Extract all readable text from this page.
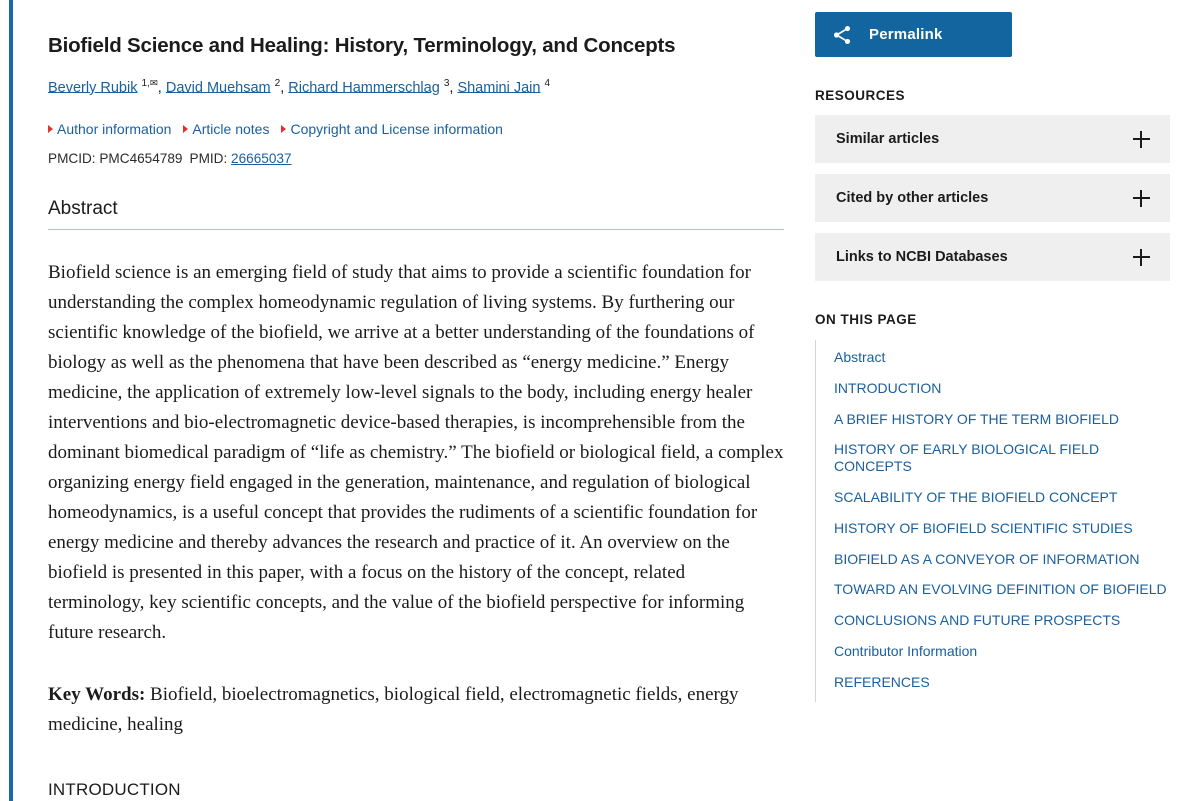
Biofield Science and Healing: History, Terminology, and Concepts
Beverly Rubik $^{1,✉}$, David Muehsam $^2$, Richard Hammerschlag $^3$, Shamini Jain $^4$
Author information Article notes Copyright and License information
PMCID: PMC4654789 PMID: 26665037
Abstract

Biofield science is an emerging field of study that aims to provide a scientific foundation for understanding the complex homeodynamic regulation of living systems. By furthering our scientific knowledge of the biofield, we arrive at a better understanding of the foundations of biology as well as the phenomena that have been described as “energy medicine.” Energy medicine, the application of extremely low-level signals to the body, including energy healer interventions and bio-electromagnetic device-based therapies, is incomprehensible from the dominant biomedical paradigm of “life as chemistry.” The biofield or biological field, a complex organizing energy field engaged in the generation, maintenance, and regulation of biological homeodynamics, is a useful concept that provides the rudiments of a scientific foundation for energy medicine and thereby advances the research and practice of it. An overview on the biofield is presented in this paper, with a focus on the history of the concept, related terminology, key scientific concepts, and the value of the biofield perspective for informing future research.

Key Words: Biofield, bioelectromagnetics, biological field, electromagnetic fields, energy medicine, healing

INTRODUCTION
Permalink
RESOURCES
Similar articles
Cited by other articles
Links to NCBI Databases
ON THIS PAGE
Abstract
INTRODUCTION
A BRIEF HISTORY OF THE TERM BIOFIELD
HISTORY OF EARLY BIOLOGICAL FIELD CONCEPTS
SCALABILITY OF THE BIOFIELD CONCEPT
HISTORY OF BIOFIELD SCIENTIFIC STUDIES
BIOFIELD AS A CONVEYOR OF INFORMATION
TOWARD AN EVOLVING DEFINITION OF BIOFIELD
CONCLUSIONS AND FUTURE PROSPECTS
Contributor Information
REFERENCES
